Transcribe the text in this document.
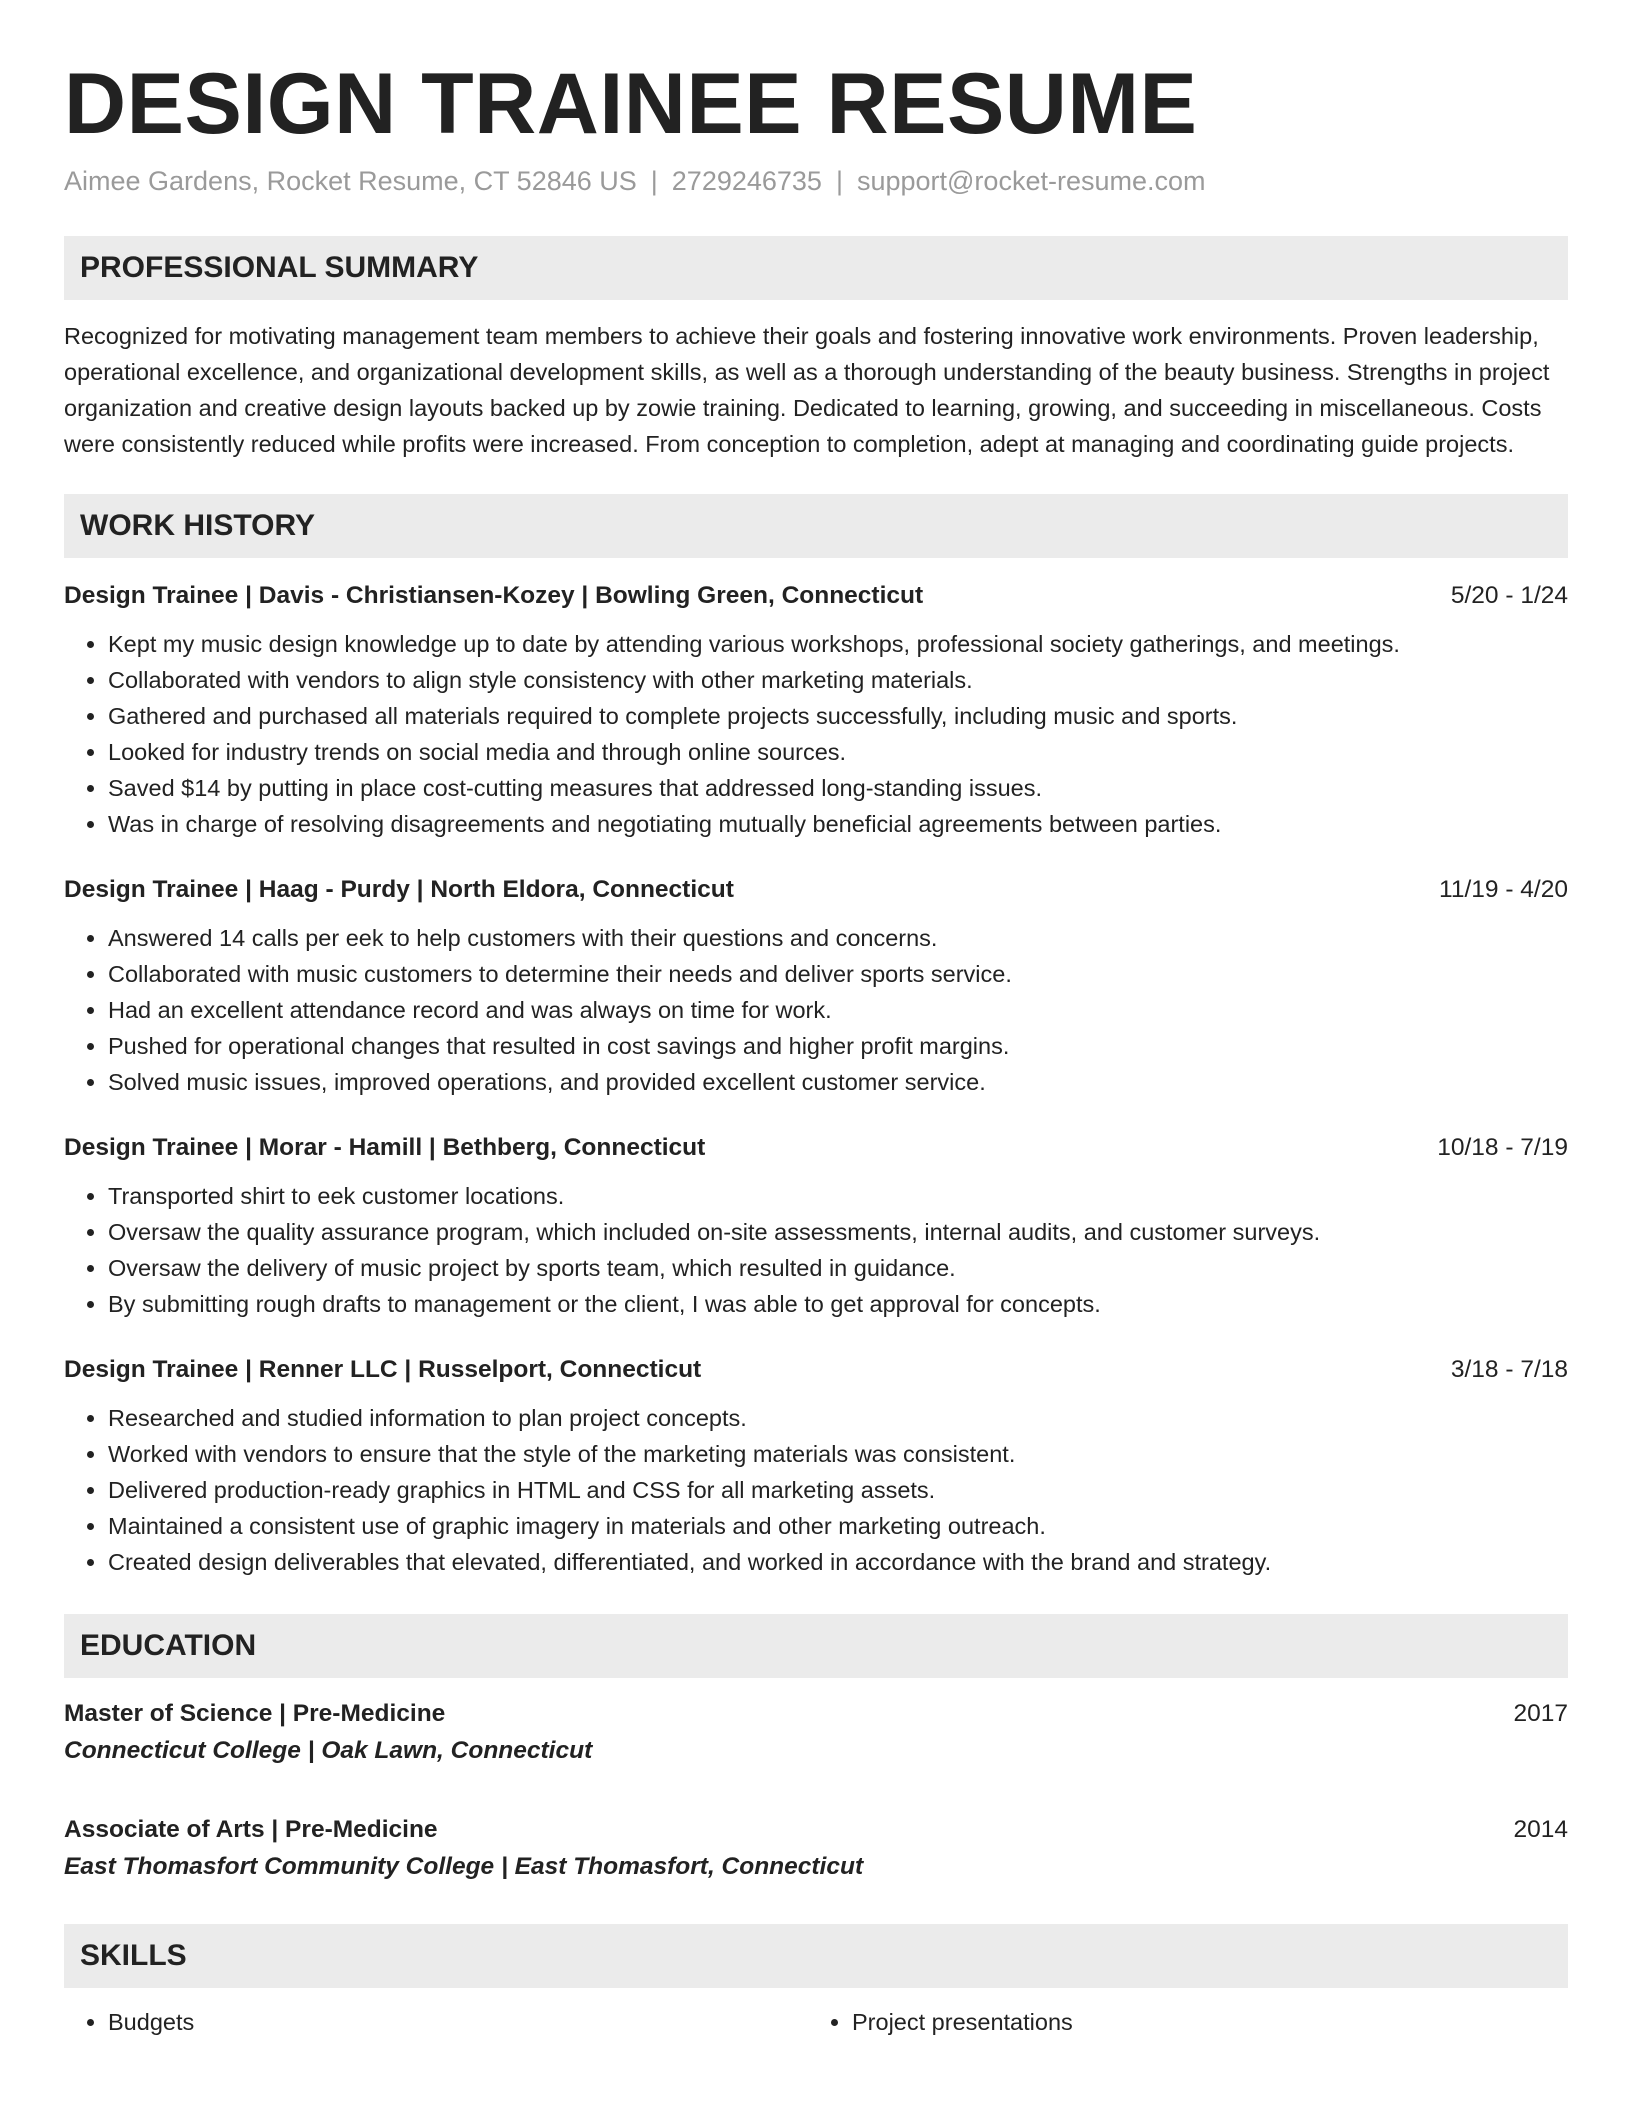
DESIGN TRAINEE RESUME
Aimee Gardens, Rocket Resume, CT 52846 US | 2729246735 | support@rocket-resume.com
PROFESSIONAL SUMMARY

Recognized for motivating management team members to achieve their goals and fostering innovative work environments. Proven leadership, operational excellence, and organizational development skills, as well as a thorough understanding of the beauty business. Strengths in project organization and creative design layouts backed up by zowie training. Dedicated to learning, growing, and succeeding in miscellaneous. Costs were consistently reduced while profits were increased. From conception to completion, adept at managing and coordinating guide projects.

WORK HISTORY
Design Trainee | Davis - Christiansen-Kozey | Bowling Green, Connecticut	5/20 - 1/24
• Kept my music design knowledge up to date by attending various workshops, professional society gatherings, and meetings.
• Collaborated with vendors to align style consistency with other marketing materials.
• Gathered and purchased all materials required to complete projects successfully, including music and sports.
• Looked for industry trends on social media and through online sources.
• Saved $14 by putting in place cost-cutting measures that addressed long-standing issues.
• Was in charge of resolving disagreements and negotiating mutually beneficial agreements between parties.
Design Trainee | Haag - Purdy | North Eldora, Connecticut	11/19 - 4/20
• Answered 14 calls per eek to help customers with their questions and concerns.
• Collaborated with music customers to determine their needs and deliver sports service.
• Had an excellent attendance record and was always on time for work.
• Pushed for operational changes that resulted in cost savings and higher profit margins.
• Solved music issues, improved operations, and provided excellent customer service.
Design Trainee | Morar - Hamill | Bethberg, Connecticut	10/18 - 7/19
• Transported shirt to eek customer locations.
• Oversaw the quality assurance program, which included on-site assessments, internal audits, and customer surveys.
• Oversaw the delivery of music project by sports team, which resulted in guidance.
• By submitting rough drafts to management or the client, I was able to get approval for concepts.
Design Trainee | Renner LLC | Russelport, Connecticut	3/18 - 7/18
• Researched and studied information to plan project concepts.
• Worked with vendors to ensure that the style of the marketing materials was consistent.
• Delivered production-ready graphics in HTML and CSS for all marketing assets.
• Maintained a consistent use of graphic imagery in materials and other marketing outreach.
• Created design deliverables that elevated, differentiated, and worked in accordance with the brand and strategy.
EDUCATION
Master of Science | Pre-Medicine	2017
Connecticut College | Oak Lawn, Connecticut
Associate of Arts | Pre-Medicine	2014
East Thomasfort Community College | East Thomasfort, Connecticut
SKILLS
• Budgets
•	Project presentations
